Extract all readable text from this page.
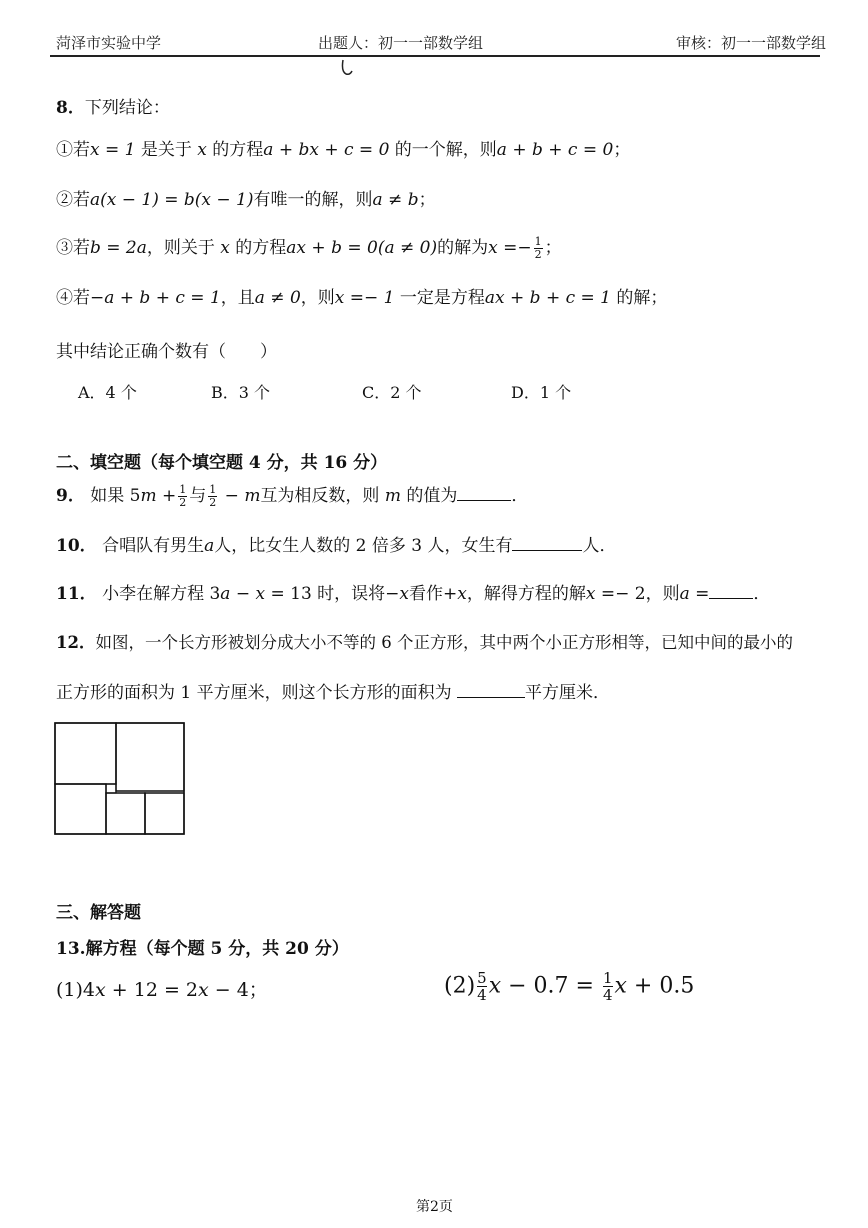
菏泽市实验中学	出题人：初一一部数学组	审核：初一一部数学组
8．下列结论：
①若x = 1 是关于 x 的方程a + bx + c = 0 的一个解，则a + b + c = 0；
②若a(x − 1) = b(x − 1)有唯一的解，则a ≠ b；
③若b = 2a，则关于 x 的方程ax + b = 0(a ≠ 0)的解为$x =- \frac{1}{2}$ ；
④若−a + b + c = 1，且a ≠ 0，则x =− 1 一定是方程ax + b + c = 1 的解；
其中结论正确个数有（　　）
A．4 个	B．3 个	C．2 个	D．1 个
二、填空题（每个填空题 4 分，共 16 分）
9． 如果 $5m + \frac{1}{2}$ 与 $\frac{1}{2} - m$互为相反数，则 m 的值为	．
10． 合唱队有男生a人，比女生人数的 2 倍多 3 人，女生有	人．
11． 小李在解方程 3a − x = 13 时，误将−x看作+x，解得方程的解x =− 2，则a =	．
12．如图，一个长方形被划分成大小不等的 6 个正方形，其中两个小正方形相等，已知中间的最小的
正方形的面积为 1 平方厘米，则这个长方形的面积为	平方厘米．
三、解答题
13.解方程（每个题 5 分，共 20 分）
(1)4x + 12 = 2x − 4；	$(2) \frac{5}{4}$ $x - 0.7 = \frac{1}{4}$ x + 0.5
第2页
